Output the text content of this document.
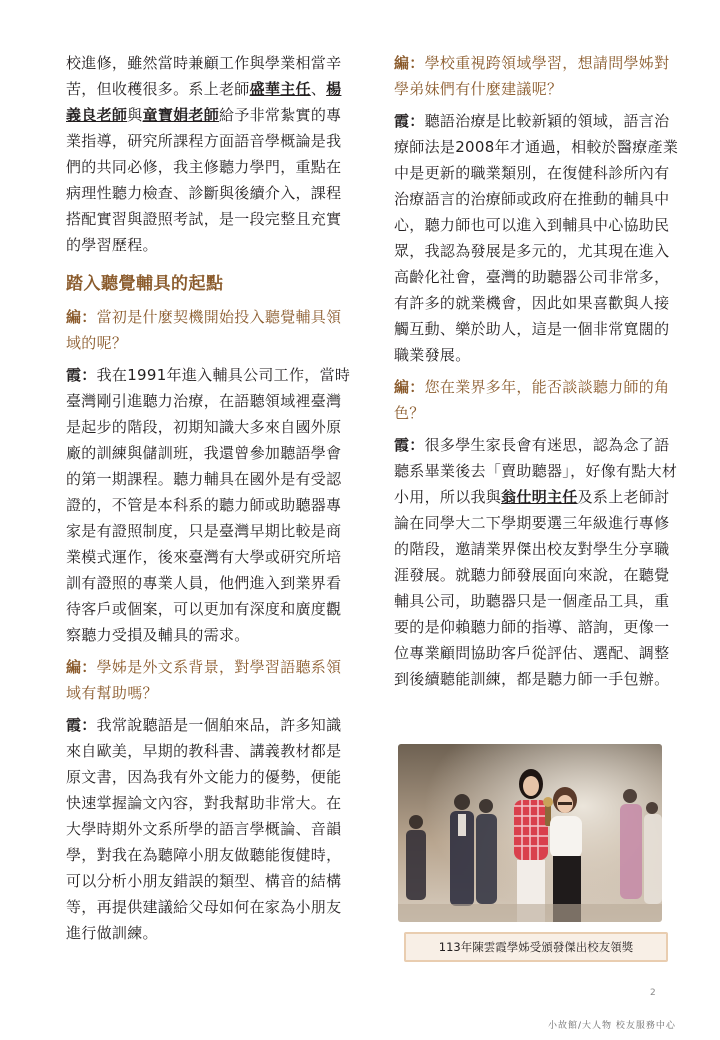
校進修，雖然當時兼顧工作與學業相當辛苦，但收穫很多。系上老師盛華主任、楊義良老師與童寶娟老師給予非常紮實的專業指導，研究所課程方面語音學概論是我們的共同必修，我主修聽力學門，重點在病理性聽力檢查、診斷與後續介入，課程搭配實習與證照考試，是一段完整且充實的學習歷程。

踏入聽覺輔具的起點

編：當初是什麼契機開始投入聽覺輔具領域的呢？

霞：我在1991年進入輔具公司工作，當時臺灣剛引進聽力治療，在語聽領域裡臺灣是起步的階段，初期知識大多來自國外原廠的訓練與儲訓班，我還曾參加聽語學會的第一期課程。聽力輔具在國外是有受認證的，不管是本科系的聽力師或助聽器專家是有證照制度，只是臺灣早期比較是商業模式運作，後來臺灣有大學或研究所培訓有證照的專業人員，他們進入到業界看待客戶或個案，可以更加有深度和廣度觀察聽力受損及輔具的需求。

編：學姊是外文系背景，對學習語聽系領域有幫助嗎？

霞：我常說聽語是一個舶來品，許多知識來自歐美，早期的教科書、講義教材都是原文書，因為我有外文能力的優勢，便能快速掌握論文內容，對我幫助非常大。在大學時期外文系所學的語言學概論、音韻學，對我在為聽障小朋友做聽能復健時，可以分析小朋友錯誤的類型、構音的結構等，再提供建議給父母如何在家為小朋友進行做訓練。

編：學校重視跨領域學習，想請問學姊對學弟妹們有什麼建議呢？

霞：聽語治療是比較新穎的領域，語言治療師法是2008年才通過，相較於醫療產業中是更新的職業類別，在復健科診所內有治療語言的治療師或政府在推動的輔具中心，聽力師也可以進入到輔具中心協助民眾，我認為發展是多元的，尤其現在進入高齡化社會，臺灣的助聽器公司非常多，有許多的就業機會，因此如果喜歡與人接觸互動、樂於助人，這是一個非常寬闊的職業發展。

編：您在業界多年，能否談談聽力師的角色？

霞：很多學生家長會有迷思，認為念了語聽系畢業後去「賣助聽器」，好像有點大材小用，所以我與翁仕明主任及系上老師討論在同學大二下學期要選三年級進行專修的階段，邀請業界傑出校友對學生分享職涯發展。就聽力師發展面向來說，在聽覺輔具公司，助聽器只是一個產品工具，重要的是仰賴聽力師的指導、諮詢，更像一位專業顧問協助客戶從評估、選配、調整到後續聽能訓練，都是聽力師一手包辦。

113年陳雲霞學姊受頒發傑出校友領獎
2
小故館/大人物 校友服務中心
